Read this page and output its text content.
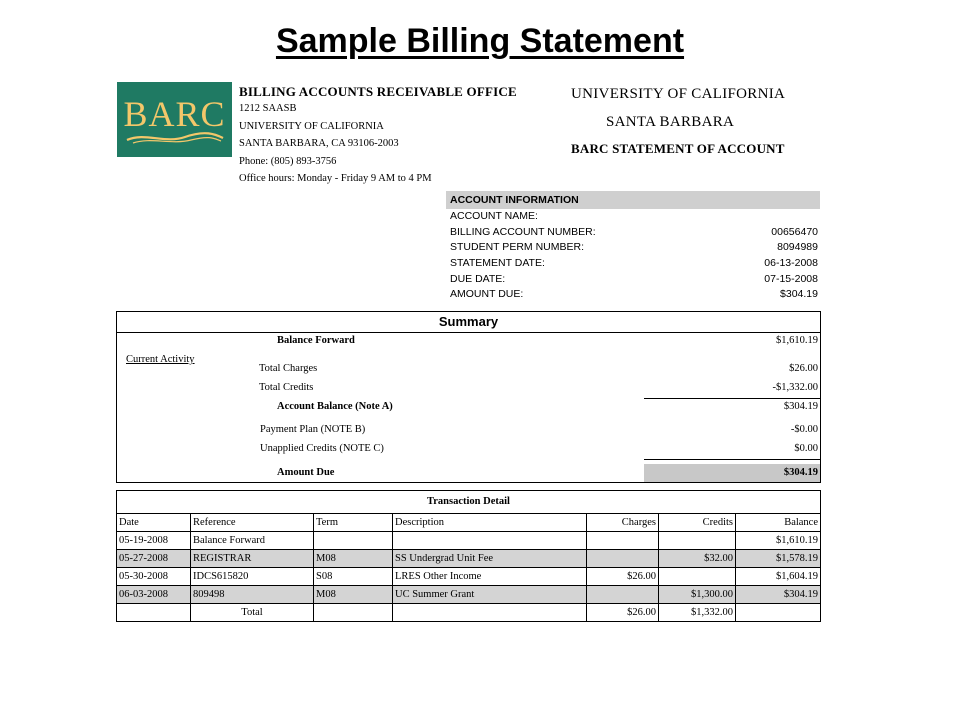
Sample Billing Statement
BARC
BILLING ACCOUNTS RECEIVABLE OFFICE
1212 SAASB
UNIVERSITY OF CALIFORNIA
SANTA BARBARA, CA 93106-2003
Phone: (805) 893-3756
Office hours: Monday - Friday 9 AM to 4 PM
UNIVERSITY OF CALIFORNIA
SANTA BARBARA
BARC STATEMENT OF ACCOUNT
ACCOUNT INFORMATION
ACCOUNT NAME:
BILLING ACCOUNT NUMBER:	00656470
STUDENT PERM NUMBER:	8094989
STATEMENT DATE:	06-13-2008
DUE DATE:	07-15-2008
AMOUNT DUE:	$304.19
Summary
Balance Forward	$1,610.19
Current Activity
Total Charges	$26.00
Total Credits	-$1,332.00
Account Balance (Note A)	$304.19
Payment Plan (NOTE B)	-$0.00
Unapplied Credits (NOTE C)	$0.00
Amount Due	$304.19
Transaction Detail						
Date	Reference	Term	Description	Charges	Credits	Balance
05-19-2008	Balance Forward					$1,610.19
05-27-2008	REGISTRAR	M08	SS Undergrad Unit Fee		$32.00	$1,578.19
05-30-2008	IDCS615820	S08	LRES Other Income	$26.00		$1,604.19
06-03-2008	809498	M08	UC Summer Grant		$1,300.00	$304.19
	Total			$26.00	$1,332.00	
